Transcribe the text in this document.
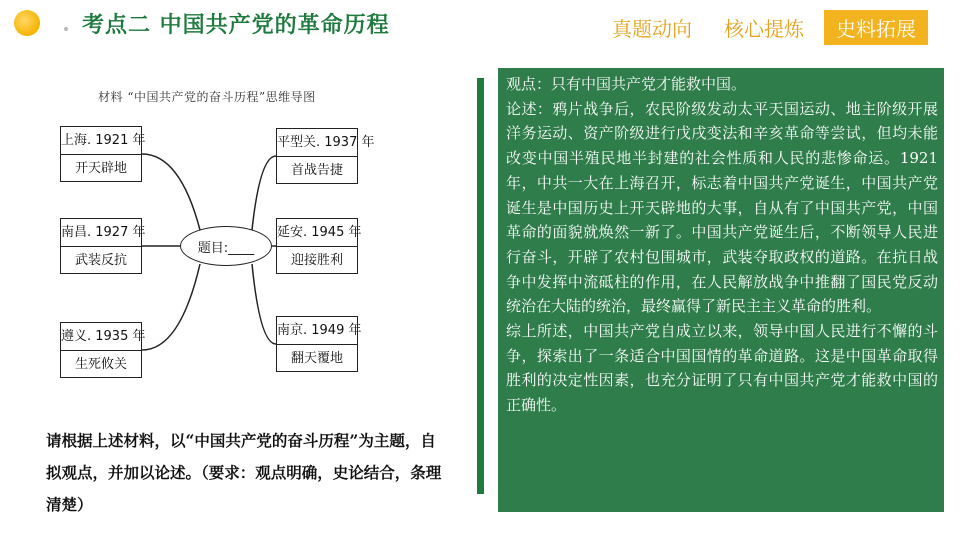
考点二 中国共产党的革命历程	真题动向	核心提炼	史料拓展
材料 “中国共产党的奋斗历程”思维导图
上海. 1921 年
开天辟地
南昌. 1927 年
武装反抗
遵义. 1935 年
生死攸关
平型关. 1937 年
首战告捷
延安. 1945 年
迎接胜利
南京. 1949 年
翻天覆地
题目:____
请根据上述材料，以“中国共产党的奋斗历程”为主题，自拟观点，并加以论述。（要求：观点明确，史论结合，条理清楚）

观点：只有中国共产党才能救中国。

论述：鸦片战争后，农民阶级发动太平天国运动、地主阶级开展洋务运动、资产阶级进行戊戌变法和辛亥革命等尝试，但均未能改变中国半殖民地半封建的社会性质和人民的悲惨命运。1921年，中共一大在上海召开，标志着中国共产党诞生，中国共产党诞生是中国历史上开天辟地的大事，自从有了中国共产党，中国革命的面貌就焕然一新了。中国共产党诞生后，不断领导人民进行奋斗，开辟了农村包围城市，武装夺取政权的道路。在抗日战争中发挥中流砥柱的作用，在人民解放战争中推翻了国民党反动统治在大陆的统治，最终赢得了新民主主义革命的胜利。

综上所述，中国共产党自成立以来，领导中国人民进行不懈的斗争，探索出了一条适合中国国情的革命道路。这是中国革命取得胜利的决定性因素，也充分证明了只有中国共产党才能救中国的正确性。
